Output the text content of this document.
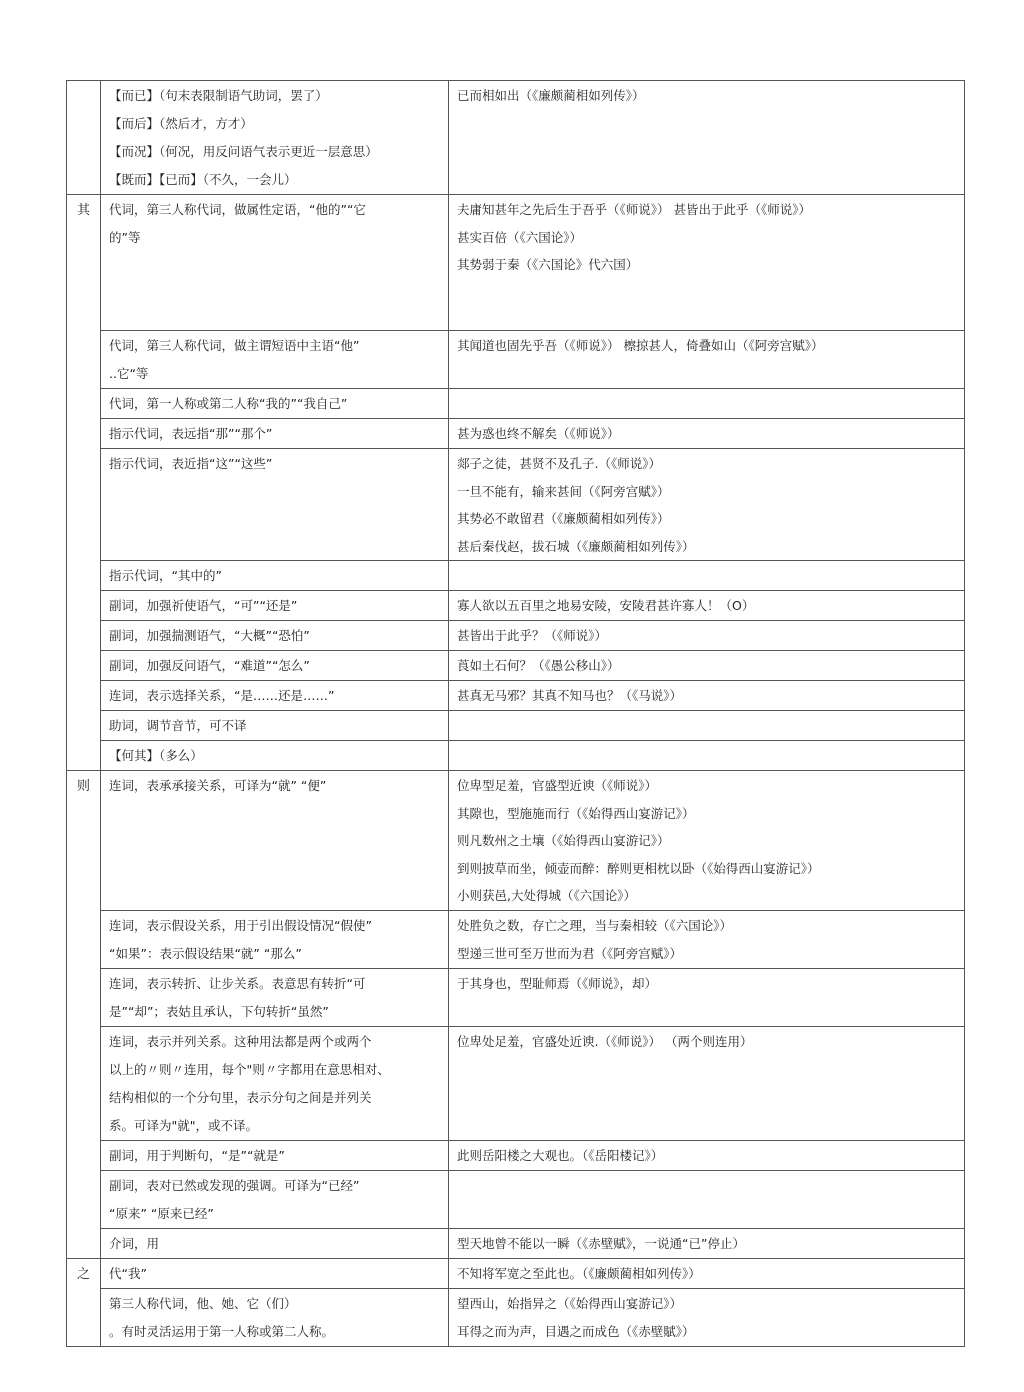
	【而已】（句末表限制语气助词，罢了）
【而后】（然后才，方才）
【而况】（何况，用反问语气表示更近一层意思）
【既而】【已而】（不久，一会儿）	已而相如出（《廉颇蔺相如列传》）

其	代词，第三人称代词，做属性定语，“他的”“它
的”等	夫庸知甚年之先后生于吾乎（《师说》） 甚皆出于此乎（《师说》）
甚实百倍（《六国论》）
其势弱于秦（《六国论》代六国）

	代词，第三人称代词，做主谓短语中主语“他”
..它“等	其闻道也固先乎吾（《师说》） 檫掠甚人，倚叠如山（《阿旁宫赋》）

	代词，第一人称或第二人称“我的”“我自己”	

	指示代词，表远指“那”“那个”	甚为惑也终不解矣（《师说》）

	指示代词，表近指“这”“这些”	郯子之徒，甚贤不及孔子.（《师说》）
一旦不能有，输来甚间（《阿旁宫赋》）
其势必不敢留君（《廉颇蔺相如列传》）
甚后秦伐赵，拔石城（《廉颇蔺相如列传》）

	指示代词，“其中的”	

	副词，加强祈使语气，“可”“还是”	寡人欲以五百里之地易安陵，安陵君甚许寡人！（O）

	副词，加强揣测语气，“大概”“恐怕”	甚皆出于此乎？（《师说》）

	副词，加强反问语气，“难道”“怎么”	莨如土石何？（《愚公移山》）

	连词，表示选择关系，“是……还是……”	甚真无马邪？其真不知马也？（《马说》）

	助词，调节音节，可不译	

	【何其】（多么）	

则	连词，表承承接关系，可译为“就” “便”	位卑型足羞，官盛型近谀（《师说》）
其隙也，型施施而行（《始得西山宴游记》）
则凡数州之土壤（《始得西山宴游记》）
到则披草而坐，倾壶而醉：醉则更相枕以卧（《始得西山宴游记》）
小则获邑,大处得城（《六国论》）

	连词，表示假设关系，用于引出假设情况“假使”
“如果”：表示假设结果“就” “那么”	处胜负之数，存亡之理，当与秦相较（《六国论》）
型递三世可至万世而为君（《阿旁宫赋》）

	连词，表示转折、让步关系。表意思有转折“可
是”“却”；表姑且承认，下句转折“虽然”	于其身也，型耻师焉（《师说》，却）

	连词，表示并列关系。这种用法都是两个或两个
以上的〃则〃连用，每个"则〃字都用在意思相对、
结构相似的一个分句里，表示分句之间是并列关
系。可译为"就"，或不译。	位卑处足羞，官盛处近谀.（《师说》） （两个则连用）

	副词，用于判断句，“是”“就是”	此则岳阳楼之大观也。（《岳阳楼记》）

	副词，表对已然或发现的强调。可译为“已经”
“原来” “原来已经”	

	介词，用	型天地曾不能以一瞬（《赤壁赋》，一说通“已”停止）

之	代“我”	不知将军宽之至此也。（《廉颇蔺相如列传》）

	第三人称代词，他、她、它（们）
。有时灵活运用于第一人称或第二人称。	望西山，始指异之（《始得西山宴游记》）
耳得之而为声，目遇之而成色（《赤壁賦》）
